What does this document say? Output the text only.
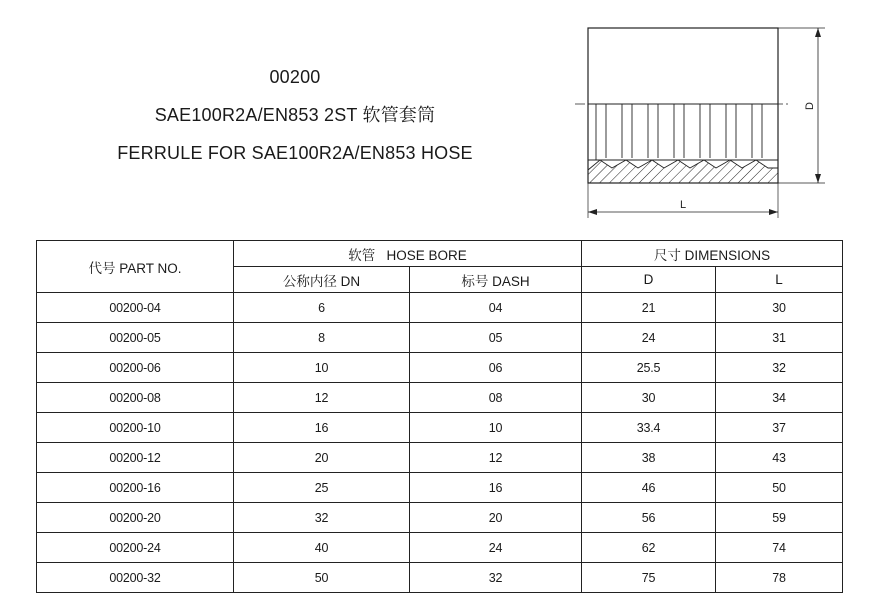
00200
SAE100R2A/EN853 2ST 软管套筒
FERRULE FOR SAE100R2A/EN853 HOSE
D
L
代号 PART NO.	软管   HOSE BORE		尺寸 DIMENSIONS	
	公称内径 DN	标号 DASH	D	L
00200-04	6	04	21	30
00200-05	8	05	24	31
00200-06	10	06	25.5	32
00200-08	12	08	30	34
00200-10	16	10	33.4	37
00200-12	20	12	38	43
00200-16	25	16	46	50
00200-20	32	20	56	59
00200-24	40	24	62	74
00200-32	50	32	75	78
